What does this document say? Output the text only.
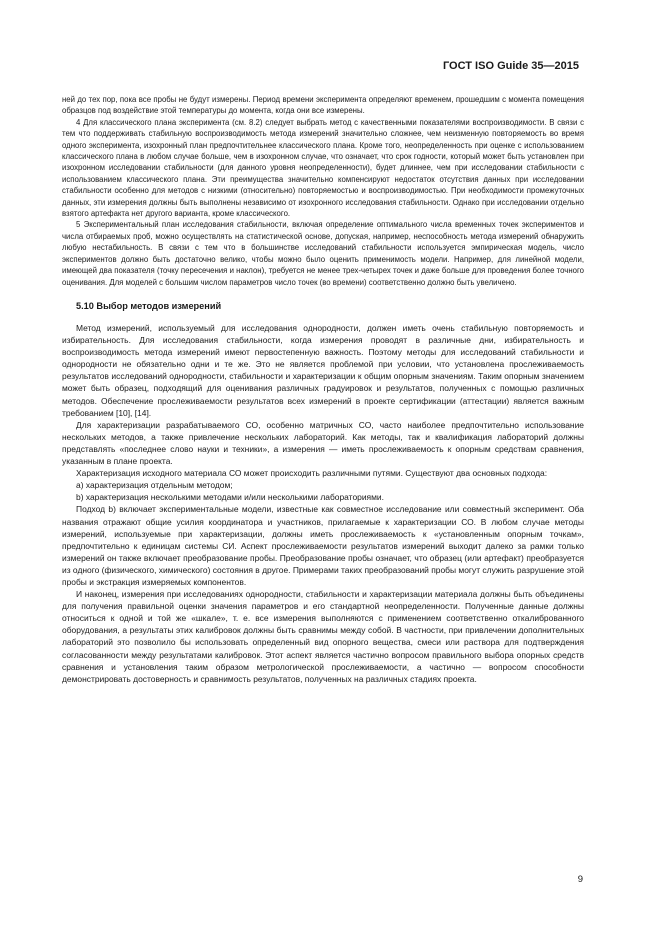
ГОСТ ISO Guide 35—2015

ней до тех пор, пока все пробы не будут измерены. Период времени эксперимента определяют временем, прошедшим с момента помещения образцов под воздействие этой температуры до момента, когда они все измерены.

4 Для классического плана эксперимента (см. 8.2) следует выбрать метод с качественными показателями воспроизводимости. В связи с тем что поддерживать стабильную воспроизводимость метода измерений значительно сложнее, чем неизменную повторяемость во время одного эксперимента, изохронный план предпочтительнее классического плана. Кроме того, неопределенность при оценке с использованием классического плана в любом случае больше, чем в изохронном случае, что означает, что срок годности, который может быть установлен при изохронном исследовании стабильности (для данного уровня неопределенности), будет длиннее, чем при исследовании стабильности с использованием классического плана. Эти преимущества значительно компенсируют недостаток отсутствия данных при исследовании стабильности особенно для методов с низкими (относительно) повторяемостью и воспроизводимостью. При необходимости промежуточных данных, эти измерения должны быть выполнены независимо от изохронного исследования стабильности. Однако при исследовании отдельно взятого артефакта нет другого варианта, кроме классического.

5 Экспериментальный план исследования стабильности, включая определение оптимального числа временных точек экспериментов и числа отбираемых проб, можно осуществлять на статистической основе, допуская, например, неспособность метода измерений обнаружить любую нестабильность. В связи с тем что в большинстве исследований стабильности используется эмпирическая модель, число экспериментов должно быть достаточно велико, чтобы можно было оценить применимость модели. Например, для линейной модели, имеющей два показателя (точку пересечения и наклон), требуется не менее трех-четырех точек и даже больше для проведения более точного оценивания. Для моделей с большим числом параметров число точек (во времени) соответственно должно быть увеличено.

5.10 Выбор методов измерений

Метод измерений, используемый для исследования однородности, должен иметь очень стабильную повторяемость и избирательность. Для исследования стабильности, когда измерения проводят в различные дни, избирательность и воспроизводимость метода измерений имеют первостепенную важность. Поэтому методы для исследований стабильности и однородности не обязательно одни и те же. Это не является проблемой при условии, что установлена прослеживаемость результатов исследований однородности, стабильности и характеризации к общим опорным значениям. Таким опорным значением может быть образец, подходящий для оценивания различных градуировок и результатов, полученных с помощью различных методов. Обеспечение прослеживаемости результатов всех измерений в проекте сертификации (аттестации) является важным требованием [10], [14].

Для характеризации разрабатываемого СО, особенно матричных СО, часто наиболее предпочтительно использование нескольких методов, а также привлечение нескольких лабораторий. Как методы, так и квалификация лабораторий должны представлять «последнее слово науки и техники», а измерения — иметь прослеживаемость к опорным средствам сравнения, указанным в плане проекта.

Характеризация исходного материала СО может происходить различными путями. Существуют два основных подхода:

а) характеризация отдельным методом;

b) характеризация несколькими методами и/или несколькими лабораториями.

Подход b) включает экспериментальные модели, известные как совместное исследование или совместный эксперимент. Оба названия отражают общие усилия координатора и участников, прилагаемые к характеризации СО. В любом случае методы измерений, используемые при характеризации, должны иметь прослеживаемость к «установленным опорным точкам», предпочтительно к единицам системы СИ. Аспект прослеживаемости результатов измерений выходит далеко за рамки только измерений он также включает преобразование пробы. Преобразование пробы означает, что образец (или артефакт) преобразуется из одного (физического, химического) состояния в другое. Примерами таких преобразований пробы могут служить разрушение этой пробы и экстракция измеряемых компонентов.

И наконец, измерения при исследованиях однородности, стабильности и характеризации материала должны быть объединены для получения правильной оценки значения параметров и его стандартной неопределенности. Полученные данные должны относиться к одной и той же «шкале», т. е. все измерения выполняются с применением соответственно откалиброванного оборудования, а результаты этих калибровок должны быть сравнимы между собой. В частности, при привлечении дополнительных лабораторий это позволило бы использовать определенный вид опорного вещества, смеси или раствора для подтверждения согласованности между результатами калибровок. Этот аспект является частично вопросом правильного выбора опорных средств сравнения и установления таким образом метрологической прослеживаемости, а частично — вопросом способности демонстрировать достоверность и сравнимость результатов, полученных на различных стадиях проекта.

9
